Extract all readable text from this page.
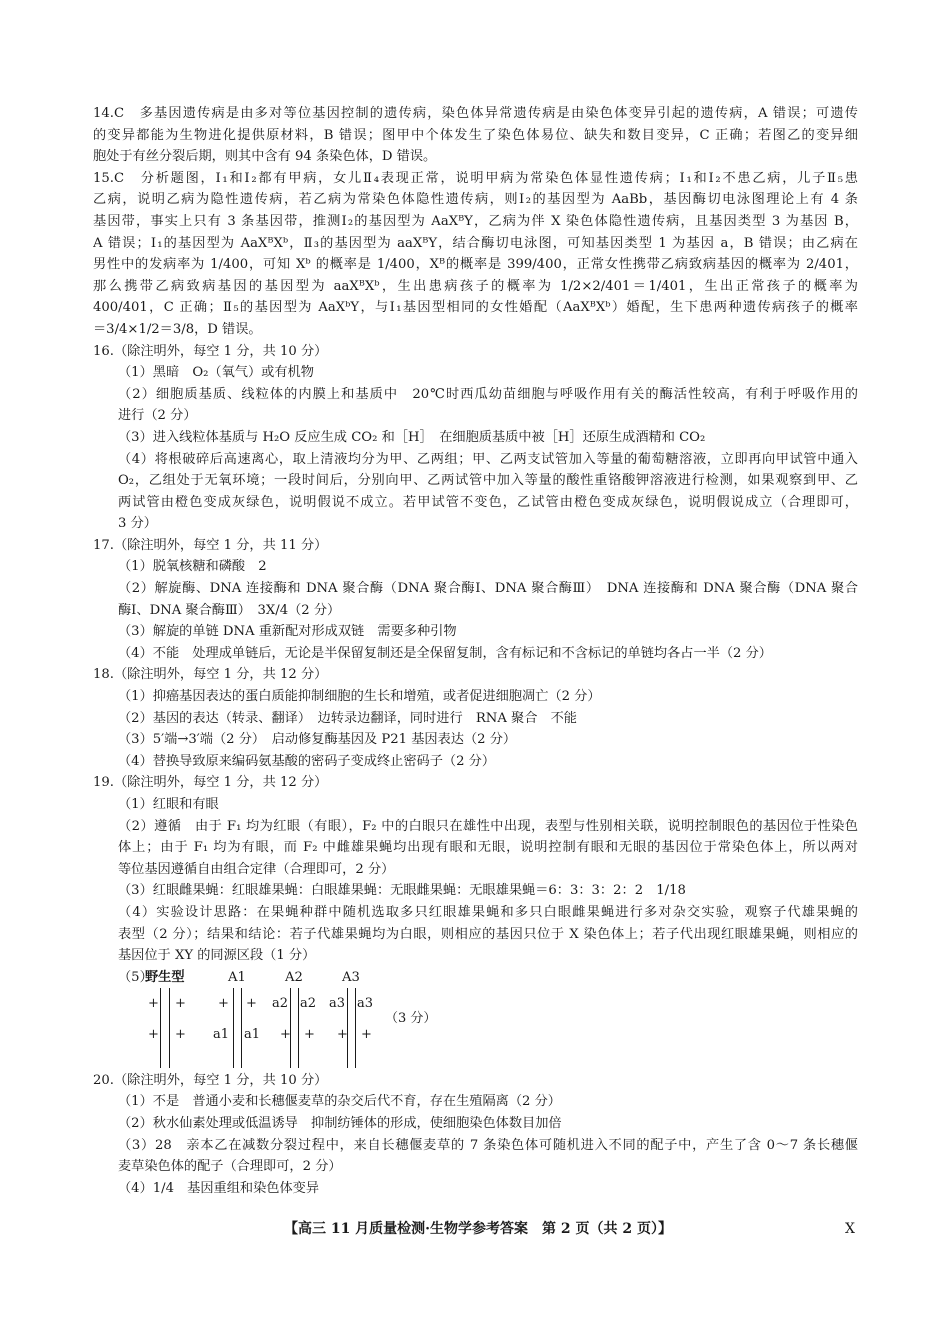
14.C　多基因遗传病是由多对等位基因控制的遗传病，染色体异常遗传病是由染色体变异引起的遗传病，A 错误；可遗传
的变异都能为生物进化提供原材料，B 错误；图甲中个体发生了染色体易位、缺失和数目变异，C 正确；若图乙的变异细
胞处于有丝分裂后期，则其中含有 94 条染色体，D 错误。
15.C　分析题图，Ⅰ₁和Ⅰ₂都有甲病，女儿Ⅱ₄表现正常，说明甲病为常染色体显性遗传病；Ⅰ₁和Ⅰ₂不患乙病，儿子Ⅱ₅患
乙病，说明乙病为隐性遗传病，若乙病为常染色体隐性遗传病，则Ⅰ₂的基因型为 AaBb，基因酶切电泳图理论上有 4 条
基因带，事实上只有 3 条基因带，推测Ⅰ₂的基因型为 AaXᴮY，乙病为伴 X 染色体隐性遗传病，且基因类型 3 为基因 B，
A 错误；Ⅰ₁的基因型为 AaXᴮXᵇ，Ⅱ₃的基因型为 aaXᴮY，结合酶切电泳图，可知基因类型 1 为基因 a，B 错误；由乙病在
男性中的发病率为 1/400，可知 Xᵇ 的概率是 1/400，Xᴮ的概率是 399/400，正常女性携带乙病致病基因的概率为 2/401，
那么携带乙病致病基因的基因型为 aaXᴮXᵇ，生出患病孩子的概率为 1/2×2/401＝1/401，生出正常孩子的概率为
400/401，C 正确；Ⅱ₅的基因型为 AaXᵇY，与Ⅰ₁基因型相同的女性婚配（AaXᴮXᵇ）婚配，生下患两种遗传病孩子的概率
＝3/4×1/2＝3/8，D 错误。
16.（除注明外，每空 1 分，共 10 分）
（1）黑暗　O₂（氧气）或有机物
（2）细胞质基质、线粒体的内膜上和基质中　20℃时西瓜幼苗细胞与呼吸作用有关的酶活性较高，有利于呼吸作用的
进行（2 分）
（3）进入线粒体基质与 H₂O 反应生成 CO₂ 和［H］　在细胞质基质中被［H］还原生成酒精和 CO₂
（4）将根破碎后高速离心，取上清液均分为甲、乙两组；甲、乙两支试管加入等量的葡萄糖溶液，立即再向甲试管中通入
O₂，乙组处于无氧环境；一段时间后，分别向甲、乙两试管中加入等量的酸性重铬酸钾溶液进行检测，如果观察到甲、乙
两试管由橙色变成灰绿色，说明假说不成立。若甲试管不变色，乙试管由橙色变成灰绿色，说明假说成立（合理即可，
3 分）
17.（除注明外，每空 1 分，共 11 分）
（1）脱氧核糖和磷酸　2
（2）解旋酶、DNA 连接酶和 DNA 聚合酶（DNA 聚合酶Ⅰ、DNA 聚合酶Ⅲ）　DNA 连接酶和 DNA 聚合酶（DNA 聚合
酶Ⅰ、DNA 聚合酶Ⅲ）　3X/4（2 分）
（3）解旋的单链 DNA 重新配对形成双链　需要多种引物
（4）不能　处理成单链后，无论是半保留复制还是全保留复制，含有标记和不含标记的单链均各占一半（2 分）
18.（除注明外，每空 1 分，共 12 分）
（1）抑癌基因表达的蛋白质能抑制细胞的生长和增殖，或者促进细胞凋亡（2 分）
（2）基因的表达（转录、翻译）　边转录边翻译，同时进行　RNA 聚合　不能
（3）5′端→3′端（2 分）　启动修复酶基因及 P21 基因表达（2 分）
（4）替换导致原来编码氨基酸的密码子变成终止密码子（2 分）
19.（除注明外，每空 1 分，共 12 分）
（1）红眼和有眼
（2）遵循　由于 F₁ 均为红眼（有眼），F₂ 中的白眼只在雄性中出现，表型与性别相关联，说明控制眼色的基因位于性染色
体上；由于 F₁ 均为有眼，而 F₂ 中雌雄果蝇均出现有眼和无眼，说明控制有眼和无眼的基因位于常染色体上，所以两对
等位基因遵循自由组合定律（合理即可，2 分）
（3）红眼雌果蝇：红眼雄果蝇：白眼雄果蝇：无眼雌果蝇：无眼雄果蝇＝6：3：3：2：2　1/18
（4）实验设计思路：在果蝇种群中随机选取多只红眼雄果蝇和多只白眼雌果蝇进行多对杂交实验，观察子代雄果蝇的
表型（2 分）；结果和结论：若子代雄果蝇均为白眼，则相应的基因只位于 X 染色体上；若子代出现红眼雄果蝇，则相应的
基因位于 XY 的同源区段（1 分）
（5）
野生型	A1	A2	A3
+ +
+ +
+ +
a1 a1
a2 a2
+ +
a3 a3
+ +
（3 分）
20.（除注明外，每空 1 分，共 10 分）
（1）不是　普通小麦和长穗偃麦草的杂交后代不育，存在生殖隔离（2 分）
（2）秋水仙素处理或低温诱导　抑制纺锤体的形成，使细胞染色体数目加倍
（3）28　亲本乙在减数分裂过程中，来自长穗偃麦草的 7 条染色体可随机进入不同的配子中，产生了含 0～7 条长穗偃
麦草染色体的配子（合理即可，2 分）
（4）1/4　基因重组和染色体变异
【高三 11 月质量检测·生物学参考答案　第 2 页（共 2 页）】	X
